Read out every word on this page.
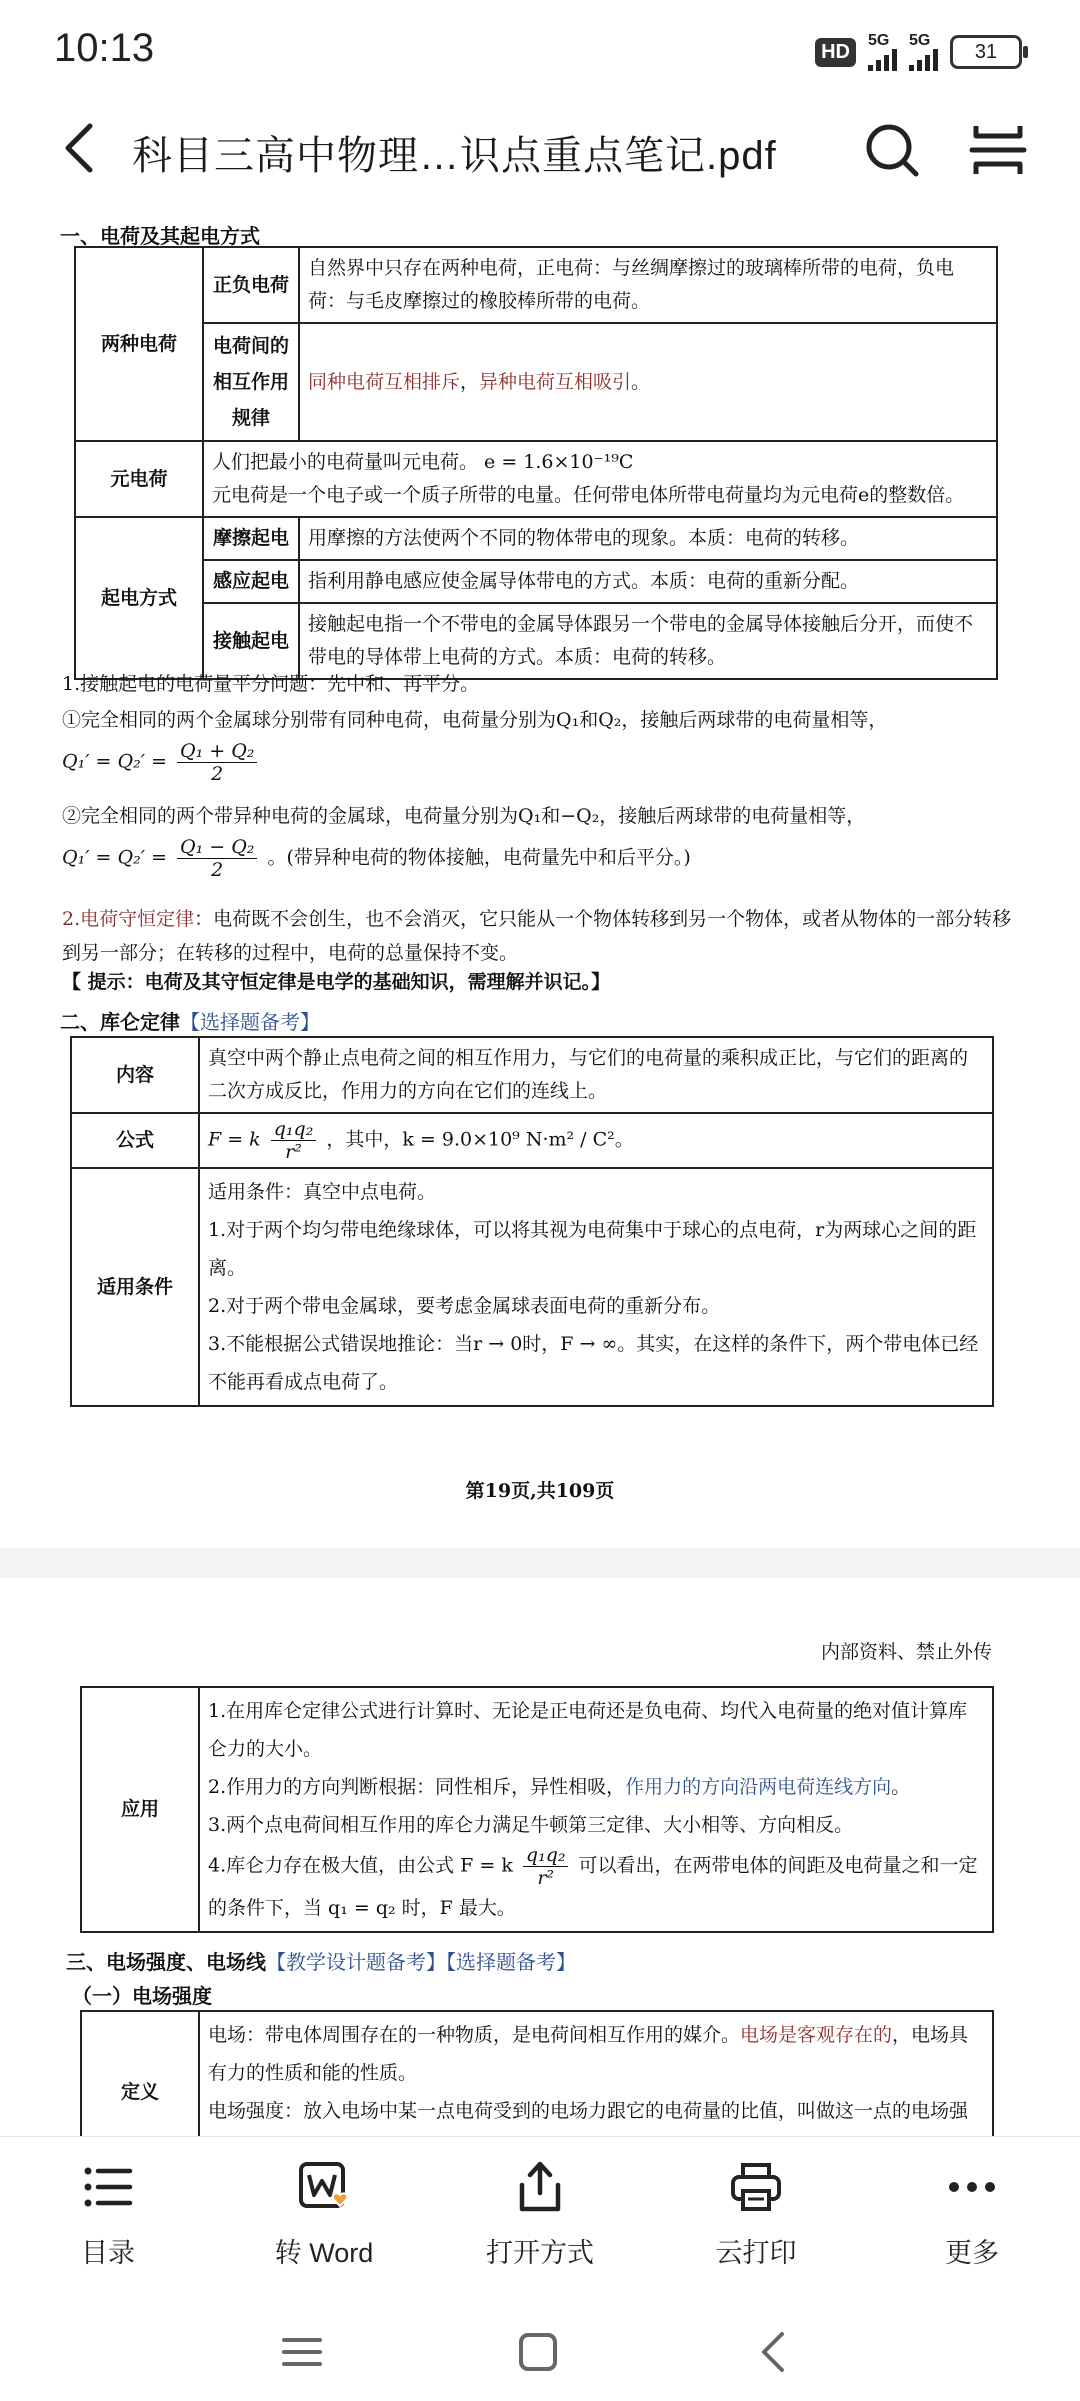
10:13	HD	5G 5G
31
科目三高中物理…识点重点笔记.pdf
一、电荷及其起电方式
两种电荷	正负电荷	自然界中只存在两种电荷，正电荷：与丝绸摩擦过的玻璃棒所带的电荷，负电荷：与毛皮摩擦过的橡胶棒所带的电荷。
	电荷间的
相互作用
规律	同种电荷互相排斥，异种电荷互相吸引。
元电荷	人们把最小的电荷量叫元电荷。 e = 1.6×10⁻¹⁹C
元电荷是一个电子或一个质子所带的电量。任何带电体所带电荷量均为元电荷e的整数倍。	
起电方式	摩擦起电	用摩擦的方法使两个不同的物体带电的现象。本质：电荷的转移。
	感应起电	指利用静电感应使金属导体带电的方式。本质：电荷的重新分配。
	接触起电	接触起电指一个不带电的金属导体跟另一个带电的金属导体接触后分开，而使不带电的导体带上电荷的方式。本质：电荷的转移。
1.接触起电的电荷量平分问题：先中和、再平分。
①完全相同的两个金属球分别带有同种电荷，电荷量分别为Q₁和Q₂，接触后两球带的电荷量相等，
$Q_1' = Q_2' = \frac{\text{Q₁ + Q₂}}{2}$
②完全相同的两个带异种电荷的金属球，电荷量分别为Q₁和−Q₂，接触后两球带的电荷量相等，
$Q_1' = Q_2' = \frac{\text{Q₁ − Q₂}}{2}$ 。(带异种电荷的物体接触，电荷量先中和后平分。)
2.电荷守恒定律：电荷既不会创生，也不会消灭，它只能从一个物体转移到另一个物体，或者从物体的一部分转移到另一部分；在转移的过程中，电荷的总量保持不变。
【 提示：电荷及其守恒定律是电学的基础知识，需理解并识记。】
二、库仑定律【选择题备考】
内容	真空中两个静止点电荷之间的相互作用力，与它们的电荷量的乘积成正比，与它们的距离的二次方成反比，作用力的方向在它们的连线上。
公式	F = k $\frac{\text{q₁q₂}}{\text{r²}}$ ，其中，k = 9.0×10⁹ N·m² / C²。
适用条件	适用条件：真空中点电荷。
1.对于两个均匀带电绝缘球体，可以将其视为电荷集中于球心的点电荷，r为两球心之间的距离。
2.对于两个带电金属球，要考虑金属球表面电荷的重新分布。
3.不能根据公式错误地推论：当r → 0时，F → ∞。其实，在这样的条件下，两个带电体已经不能再看成点电荷了。
第19页,共109页
内部资料、禁止外传
应用	1.在用库仑定律公式进行计算时、无论是正电荷还是负电荷、均代入电荷量的绝对值计算库仑力的大小。
2.作用力的方向判断根据：同性相斥，异性相吸，作用力的方向沿两电荷连线方向。
3.两个点电荷间相互作用的库仑力满足牛顿第三定律、大小相等、方向相反。
4.库仑力存在极大值，由公式 F = k $\frac{\text{q₁q₂}}{\text{r²}}$ 可以看出，在两带电体的间距及电荷量之和一定的条件下，当 q₁ = q₂ 时，F 最大。
三、电场强度、电场线【教学设计题备考】【选择题备考】
（一）电场强度
定义	电场：带电体周围存在的一种物质，是电荷间相互作用的媒介。电场是客观存在的，电场具有力的性质和能的性质。
电场强度：放入电场中某一点电荷受到的电场力跟它的电荷量的比值，叫做这一点的电场强
目录	转 Word	打开方式	云打印	更多
